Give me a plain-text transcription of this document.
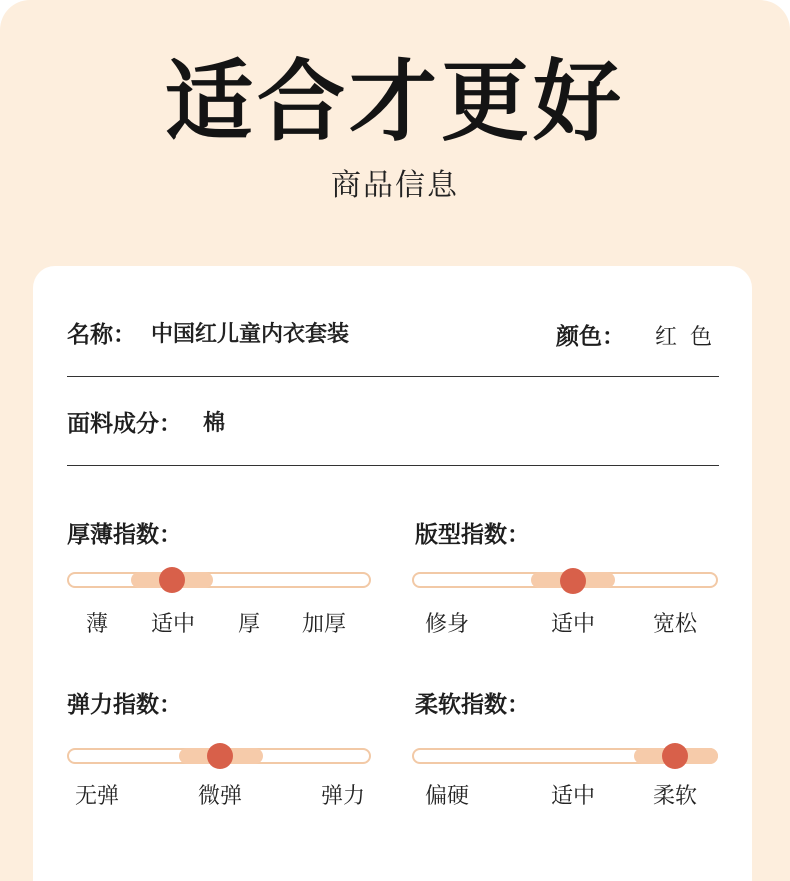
适合才更好
商品信息
名称： 中国红儿童内衣套装	颜色： 红 色
面料成分： 棉
厚薄指数：
薄 适中 厚 加厚
版型指数：
修身	适中	宽松
弹力指数：
无弹	微弹	弹力
柔软指数：
偏硬	适中	柔软
